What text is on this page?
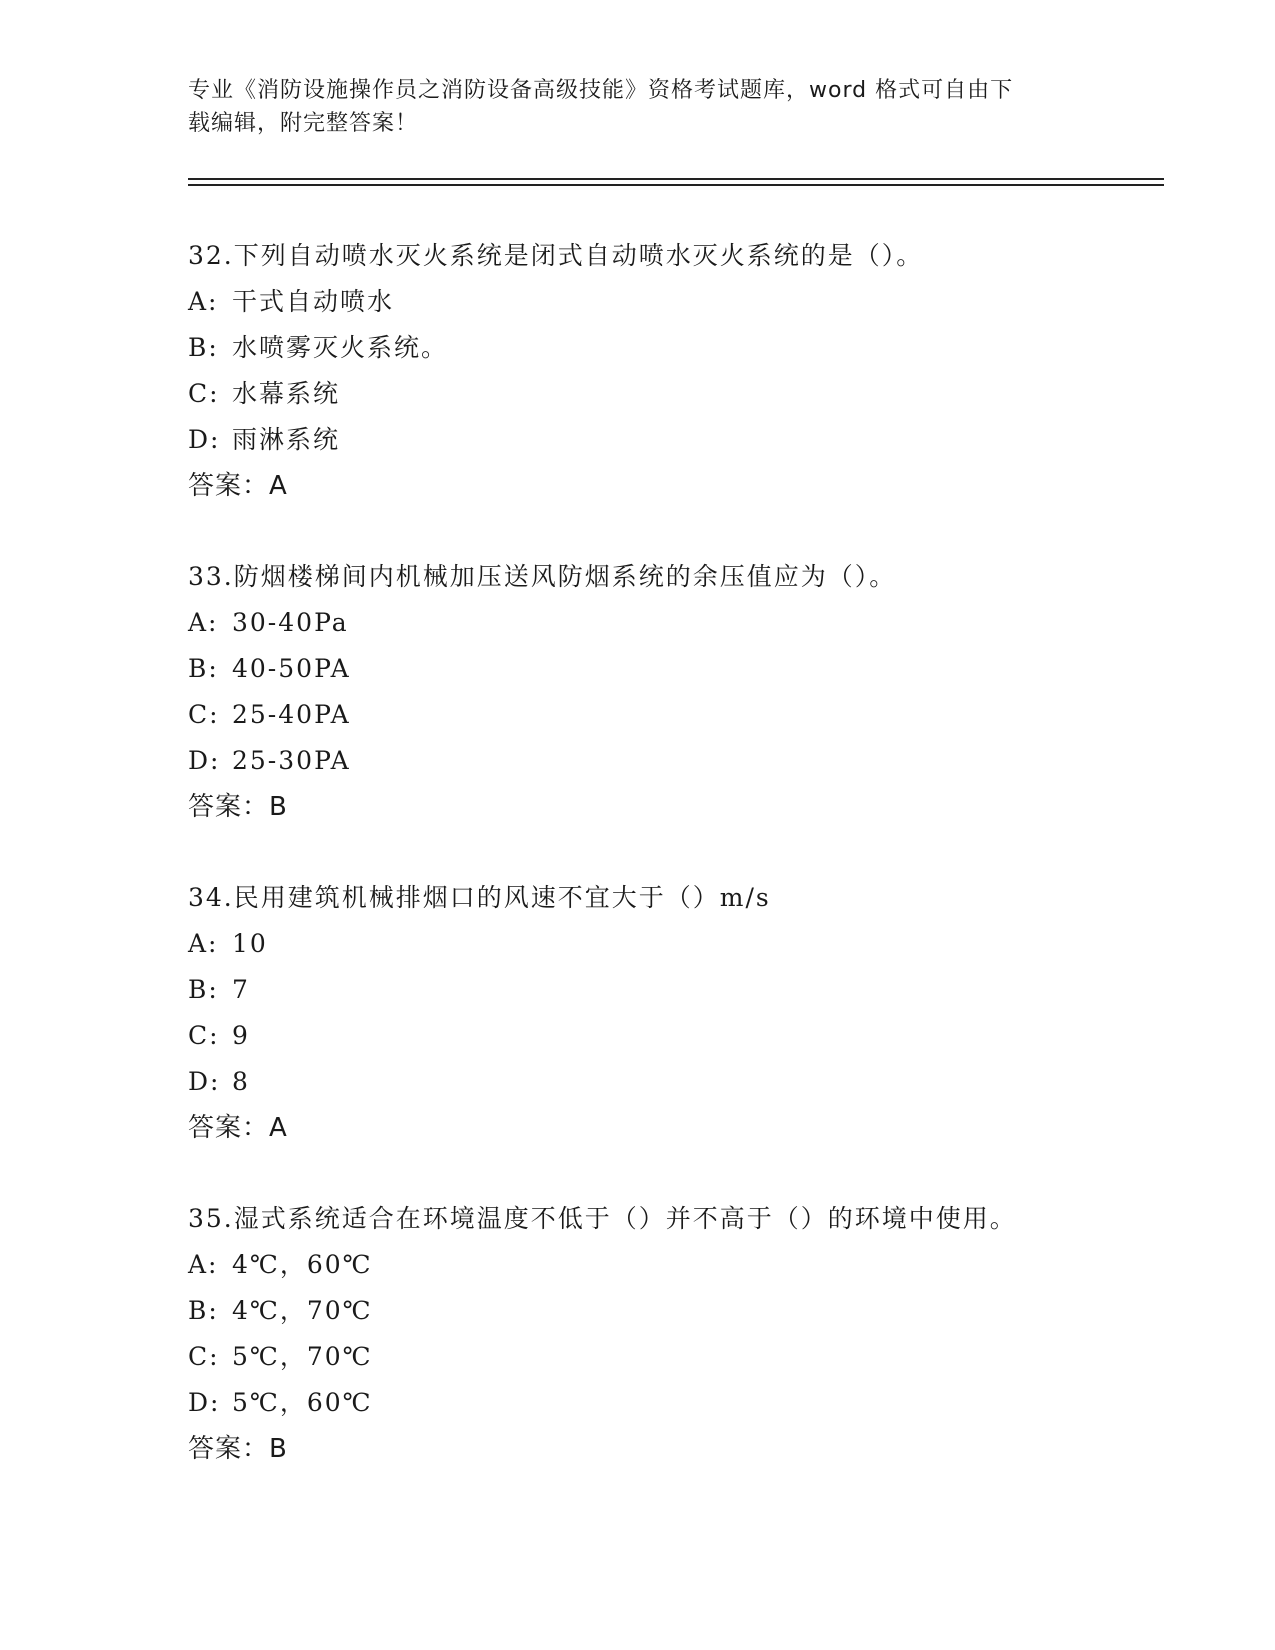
专业《消防设施操作员之消防设备高级技能》资格考试题库，word 格式可自由下
载编辑，附完整答案！
32.下列自动喷水灭火系统是闭式自动喷水灭火系统的是（）。
A: 干式自动喷水
B: 水喷雾灭火系统。
C: 水幕系统
D: 雨淋系统
答案：A
33.防烟楼梯间内机械加压送风防烟系统的余压值应为（）。
A: 30-40Pa
B: 40-50PA
C: 25-40PA
D: 25-30PA
答案：B
34.民用建筑机械排烟口的风速不宜大于（）m/s
A: 10
B: 7
C: 9
D: 8
答案：A
35.湿式系统适合在环境温度不低于（）并不高于（）的环境中使用。
A: 4℃，60℃
B: 4℃，70℃
C: 5℃，70℃
D: 5℃，60℃
答案：B
